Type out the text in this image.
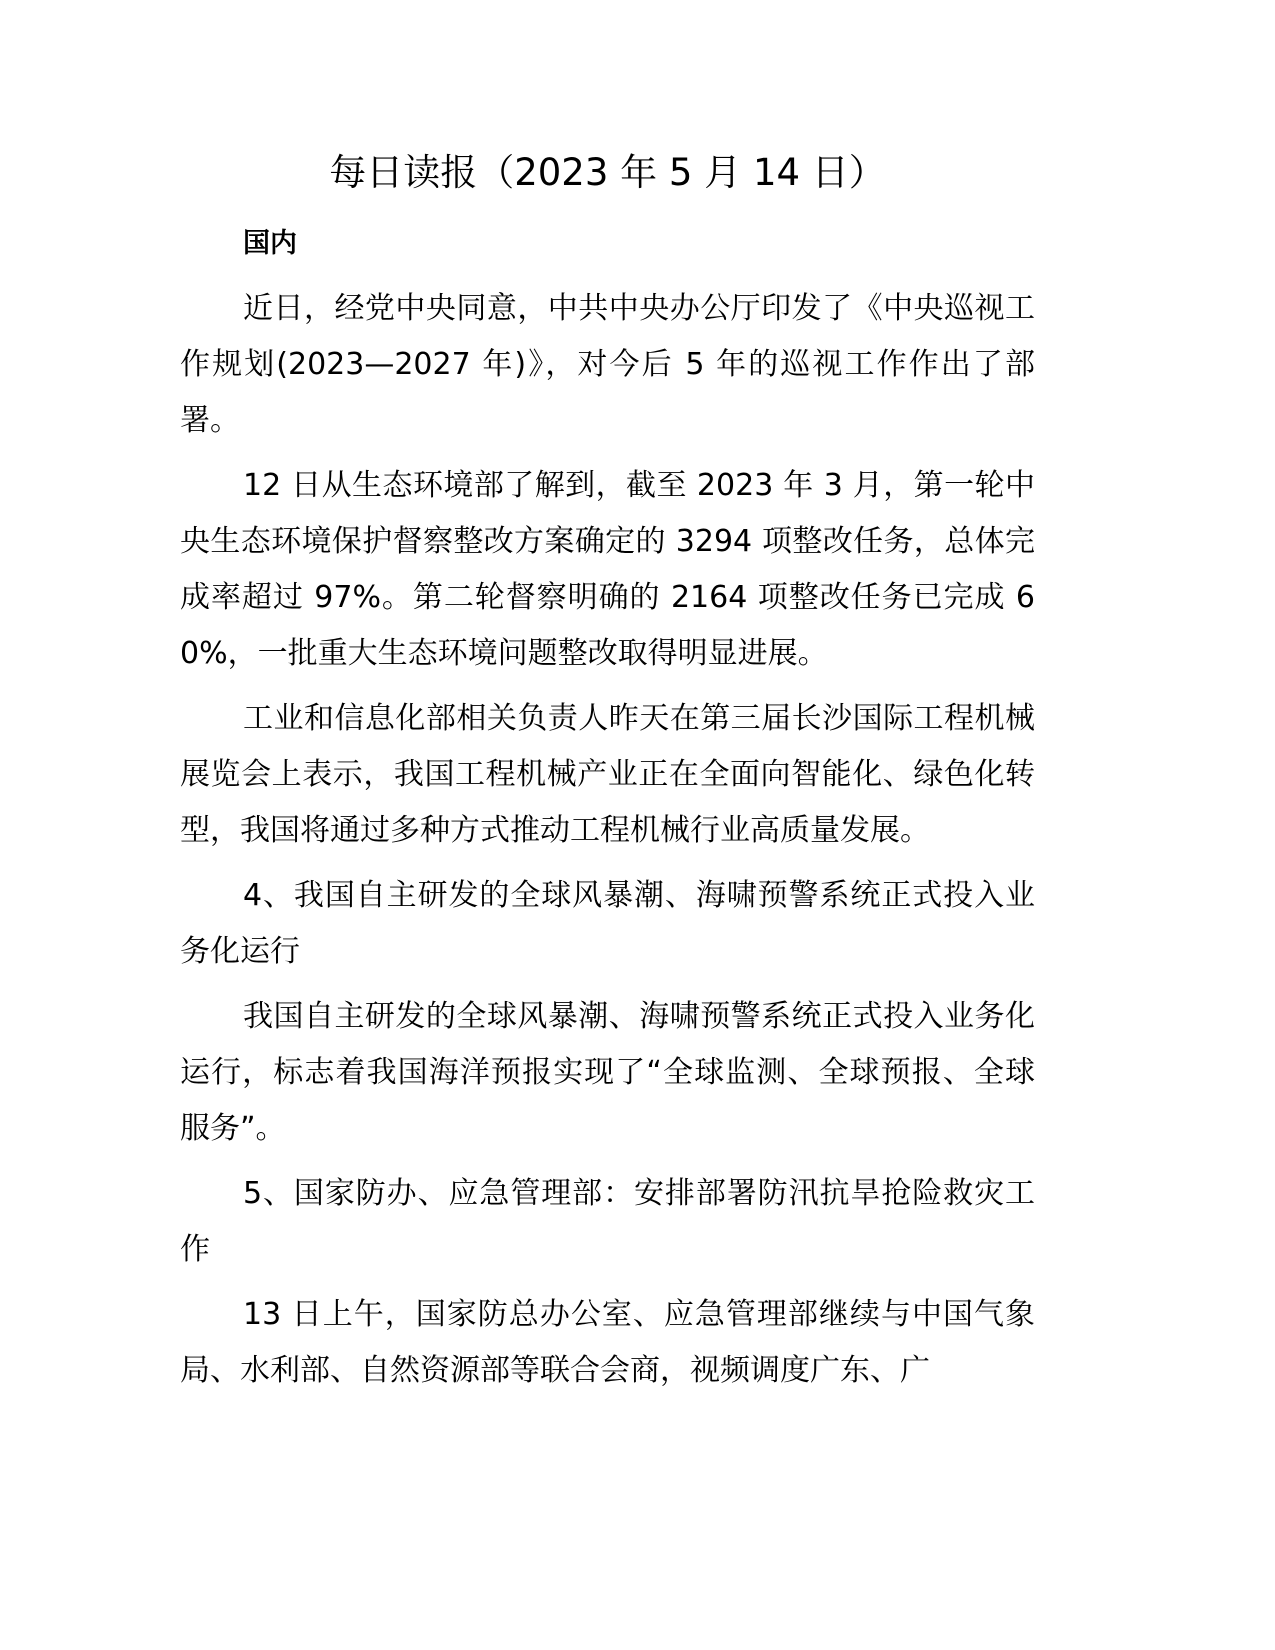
每日读报（2023 年 5 月 14 日）
国内

近日，经党中央同意，中共中央办公厅印发了《中央巡视工作规划(2023—2027 年)》，对今后 5 年的巡视工作作出了部署。

12 日从生态环境部了解到，截至 2023 年 3 月，第一轮中央生态环境保护督察整改方案确定的 3294 项整改任务，总体完成率超过 97%。第二轮督察明确的 2164 项整改任务已完成 60%，一批重大生态环境问题整改取得明显进展。

工业和信息化部相关负责人昨天在第三届长沙国际工程机械展览会上表示，我国工程机械产业正在全面向智能化、绿色化转型，我国将通过多种方式推动工程机械行业高质量发展。

4、我国自主研发的全球风暴潮、海啸预警系统正式投入业务化运行

我国自主研发的全球风暴潮、海啸预警系统正式投入业务化运行，标志着我国海洋预报实现了“全球监测、全球预报、全球服务”。

5、国家防办、应急管理部：安排部署防汛抗旱抢险救灾工作

13 日上午，国家防总办公室、应急管理部继续与中国气象局、水利部、自然资源部等联合会商，视频调度广东、广
